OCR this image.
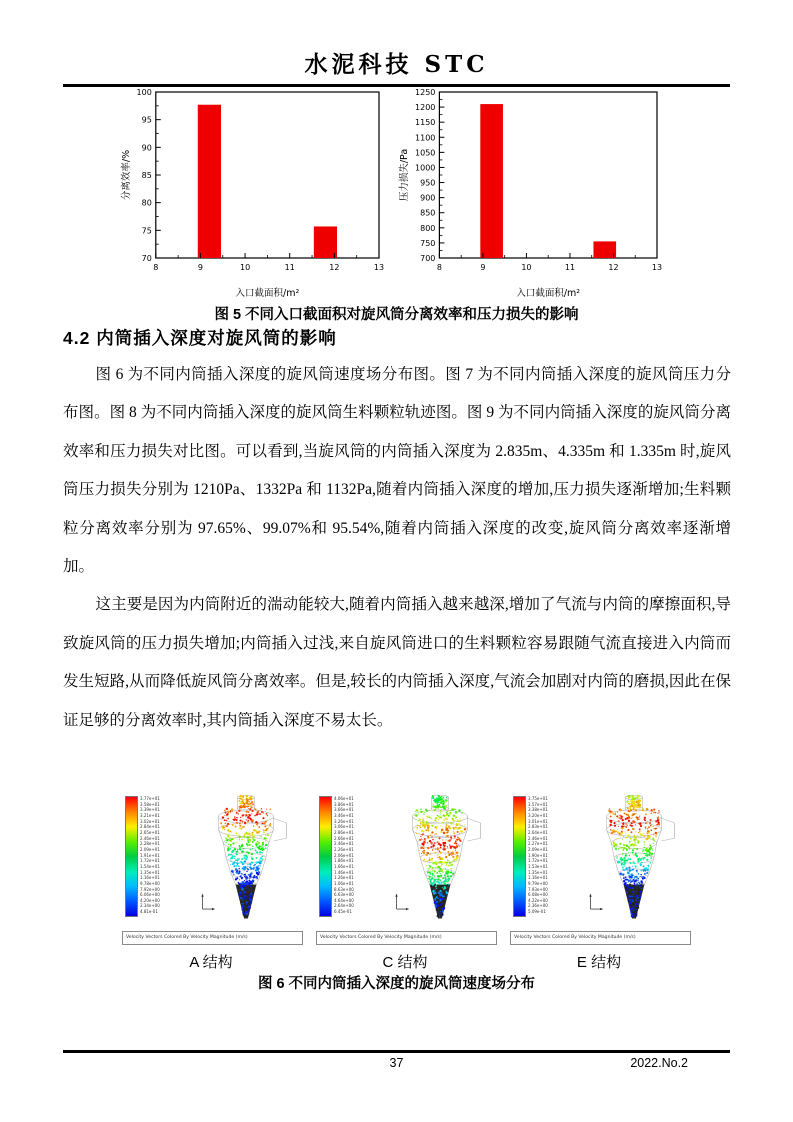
水泥科技 STC
70
75
80
85
90
95
100
8	9	10	11	12	13
分离效率/%
入口截面积/m²
700
750
800
850
900
950
1000
1050
1100
1150
1200
1250
8	9	10	11	12	13
压力损失/Pa
入口截面积/m²
图 5 不同入口截面积对旋风筒分离效率和压力损失的影响
4.2 内筒插入深度对旋风筒的影响

图 6 为不同内筒插入深度的旋风筒速度场分布图。图 7 为不同内筒插入深度的旋风筒压力分布图。图 8 为不同内筒插入深度的旋风筒生料颗粒轨迹图。图 9 为不同内筒插入深度的旋风筒分离效率和压力损失对比图。可以看到,当旋风筒的内筒插入深度为 2.835m、4.335m 和 1.335m 时,旋风筒压力损失分别为 1210Pa、1332Pa 和 1132Pa,随着内筒插入深度的增加,压力损失逐渐增加;生料颗粒分离效率分别为 97.65%、99.07%和 95.54%,随着内筒插入深度的改变,旋风筒分离效率逐渐增加。

这主要是因为内筒附近的湍动能较大,随着内筒插入越来越深,增加了气流与内筒的摩擦面积,导致旋风筒的压力损失增加;内筒插入过浅,来自旋风筒进口的生料颗粒容易跟随气流直接进入内筒而发生短路,从而降低旋风筒分离效率。但是,较长的内筒插入深度,气流会加剧对内筒的磨损,因此在保证足够的分离效率时,其内筒插入深度不易太长。

3.77e+01
3.58e+01
3.39e+01
3.21e+01
3.02e+01
2.84e+01
2.65e+01
2.46e+01
2.28e+01
2.09e+01
1.91e+01
1.72e+01
1.54e+01
1.35e+01
1.16e+01
9.78e+00
7.92e+00
6.06e+00
4.20e+00
2.34e+00
4.81e-01
Velocity Vectors Colored By Velocity Magnitude (m/s)
4.06e+01
3.86e+01
3.66e+01
3.46e+01
3.26e+01
3.06e+01
2.86e+01
2.66e+01
2.46e+01
2.26e+01
2.06e+01
1.86e+01
1.66e+01
1.46e+01
1.26e+01
1.06e+01
8.63e+00
6.63e+00
4.64e+00
2.64e+00
6.45e-01
Velocity Vectors Colored By Velocity Magnitude (m/s)
3.75e+01
3.57e+01
3.38e+01
3.20e+01
3.01e+01
2.83e+01
2.64e+01
2.46e+01
2.27e+01
2.09e+01
1.90e+01
1.72e+01
1.53e+01
1.35e+01
1.16e+01
9.79e+00
7.93e+00
6.08e+00
4.22e+00
2.36e+00
5.09e-01
Velocity Vectors Colored By Velocity Magnitude (m/s)
A 结构	C 结构	E 结构
图 6 不同内筒插入深度的旋风筒速度场分布
37	2022.No.2
